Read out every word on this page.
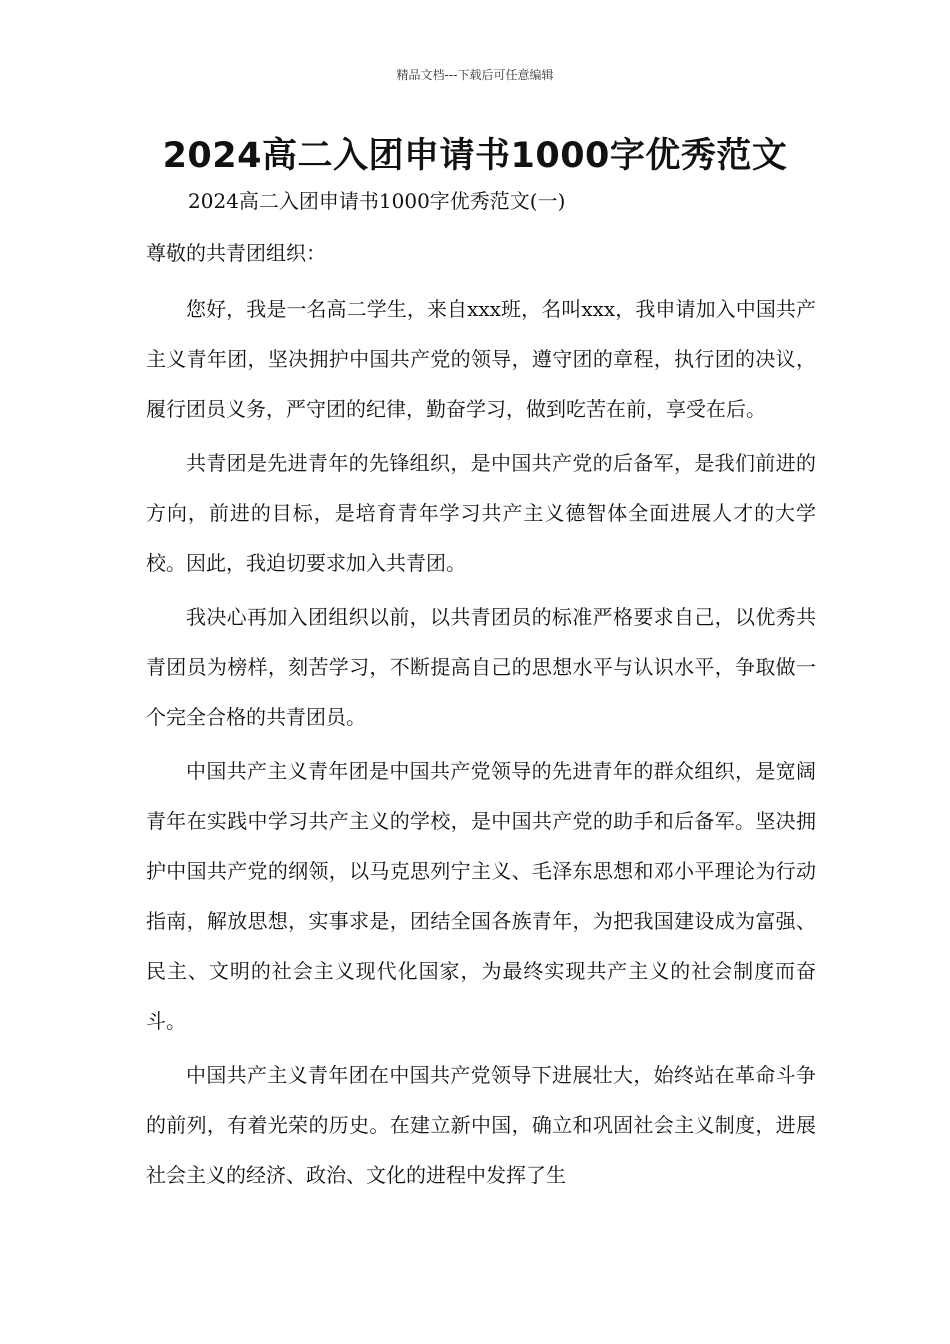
精品文档---下载后可任意编辑
2024高二入团申请书1000字优秀范文
2024高二入团申请书1000字优秀范文(一)
尊敬的共青团组织：

您好，我是一名高二学生，来自xxx班，名叫xxx，我申请加入中国共产主义青年团，坚决拥护中国共产党的领导，遵守团的章程，执行团的决议，履行团员义务，严守团的纪律，勤奋学习，做到吃苦在前，享受在后。

共青团是先进青年的先锋组织，是中国共产党的后备军，是我们前进的方向，前进的目标，是培育青年学习共产主义德智体全面进展人才的大学校。因此，我迫切要求加入共青团。

我决心再加入团组织以前，以共青团员的标准严格要求自己，以优秀共青团员为榜样，刻苦学习，不断提高自己的思想水平与认识水平，争取做一个完全合格的共青团员。

中国共产主义青年团是中国共产党领导的先进青年的群众组织，是宽阔青年在实践中学习共产主义的学校，是中国共产党的助手和后备军。坚决拥护中国共产党的纲领，以马克思列宁主义、毛泽东思想和邓小平理论为行动指南，解放思想，实事求是，团结全国各族青年，为把我国建设成为富强、民主、文明的社会主义现代化国家，为最终实现共产主义的社会制度而奋斗。

中国共产主义青年团在中国共产党领导下进展壮大，始终站在革命斗争的前列，有着光荣的历史。在建立新中国，确立和巩固社会主义制度，进展社会主义的经济、政治、文化的进程中发挥了生
